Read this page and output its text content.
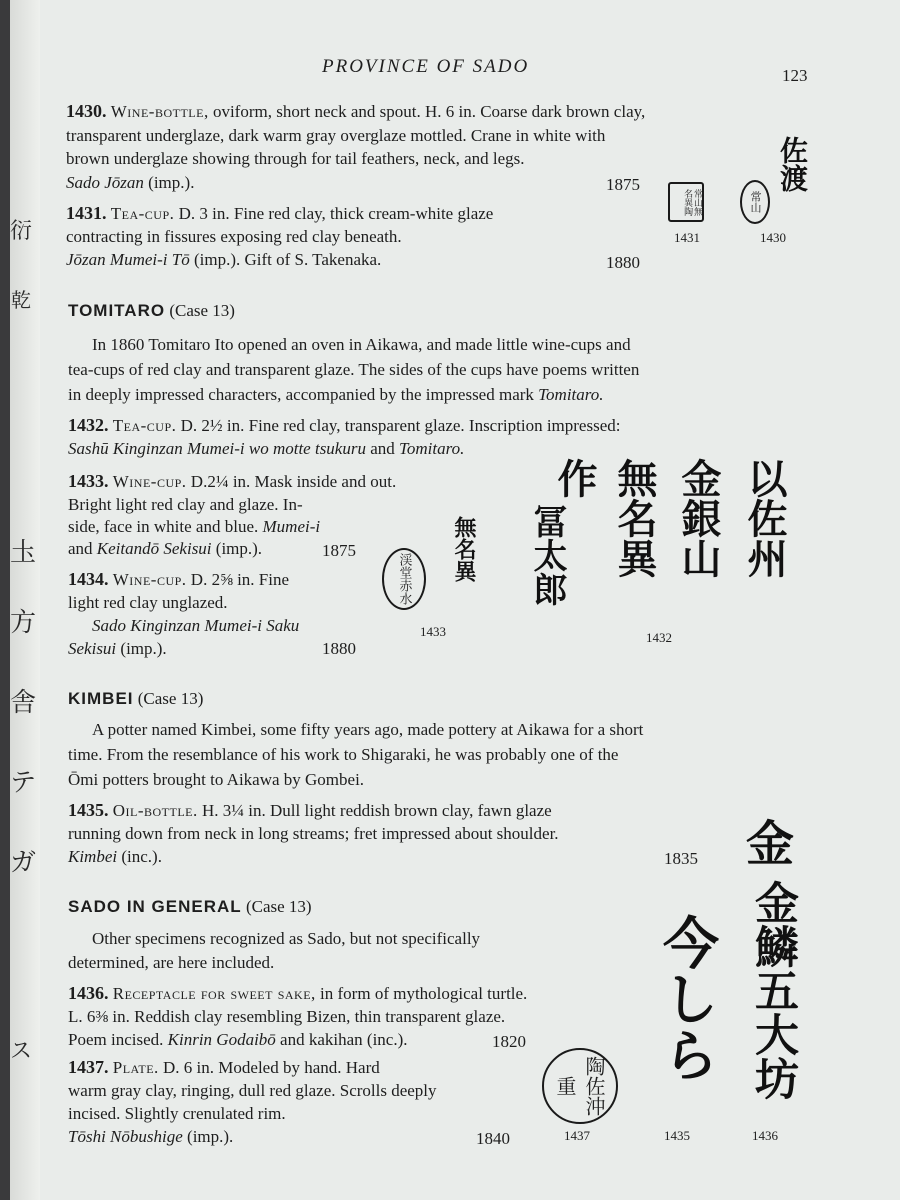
衍
乾
圡
方
舎
テ
ガ
ス
PROVINCE OF SADO	123
1430. Wine-bottle, oviform, short neck and spout. H. 6 in. Coarse dark brown clay,
transparent underglaze, dark warm gray overglaze mottled. Crane in white with
brown underglaze showing through for tail feathers, neck, and legs.
Sado Jōzan (imp.).	1875
1431. Tea-cup. D. 3 in. Fine red clay, thick cream-white glaze
contracting in fissures exposing red clay beneath.
Jōzan Mumei-i Tō (imp.). Gift of S. Takenaka.	1880
佐渡
常山無名異陶	常山
1431	1430
TOMITARO (Case 13)
In 1860 Tomitaro Ito opened an oven in Aikawa, and made little wine-cups and
tea-cups of red clay and transparent glaze. The sides of the cups have poems written
in deeply impressed characters, accompanied by the impressed mark Tomitaro.
1432. Tea-cup. D. 2½ in. Fine red clay, transparent glaze. Inscription impressed:
Sashū Kinginzan Mumei-i wo motte tsukuru and Tomitaro.
1433. Wine-cup. D.2¼ in. Mask inside and out.
Bright light red clay and glaze. In-
side, face in white and blue. Mumei-i
and Keitandō Sekisui (imp.).	1875
1434. Wine-cup. D. 2⅝ in. Fine
light red clay unglazed.
Sado Kinginzan Mumei-i Saku
Sekisui (imp.).	1880
無名異
渓堂赤水
1433
以佐州
金銀山
無名異
作
冨太郎
1432
KIMBEI (Case 13)
A potter named Kimbei, some fifty years ago, made pottery at Aikawa for a short
time. From the resemblance of his work to Shigaraki, he was probably one of the
Ōmi potters brought to Aikawa by Gombei.
1435. Oil-bottle. H. 3¼ in. Dull light reddish brown clay, fawn glaze
running down from neck in long streams; fret impressed about shoulder.
Kimbei (inc.).	1835
SADO IN GENERAL (Case 13)
Other specimens recognized as Sado, but not specifically
determined, are here included.
1436. Receptacle for sweet sake, in form of mythological turtle.
L. 6⅜ in. Reddish clay resembling Bizen, thin transparent glaze.
Poem incised. Kinrin Godaibō and kakihan (inc.).	1820
1437. Plate. D. 6 in. Modeled by hand. Hard
warm gray clay, ringing, dull red glaze. Scrolls deeply
incised. Slightly crenulated rim.
Tōshi Nōbushige (imp.).	1840
金
金鱗五大坊
今しら
陶佐沖重
1437	1435	1436
